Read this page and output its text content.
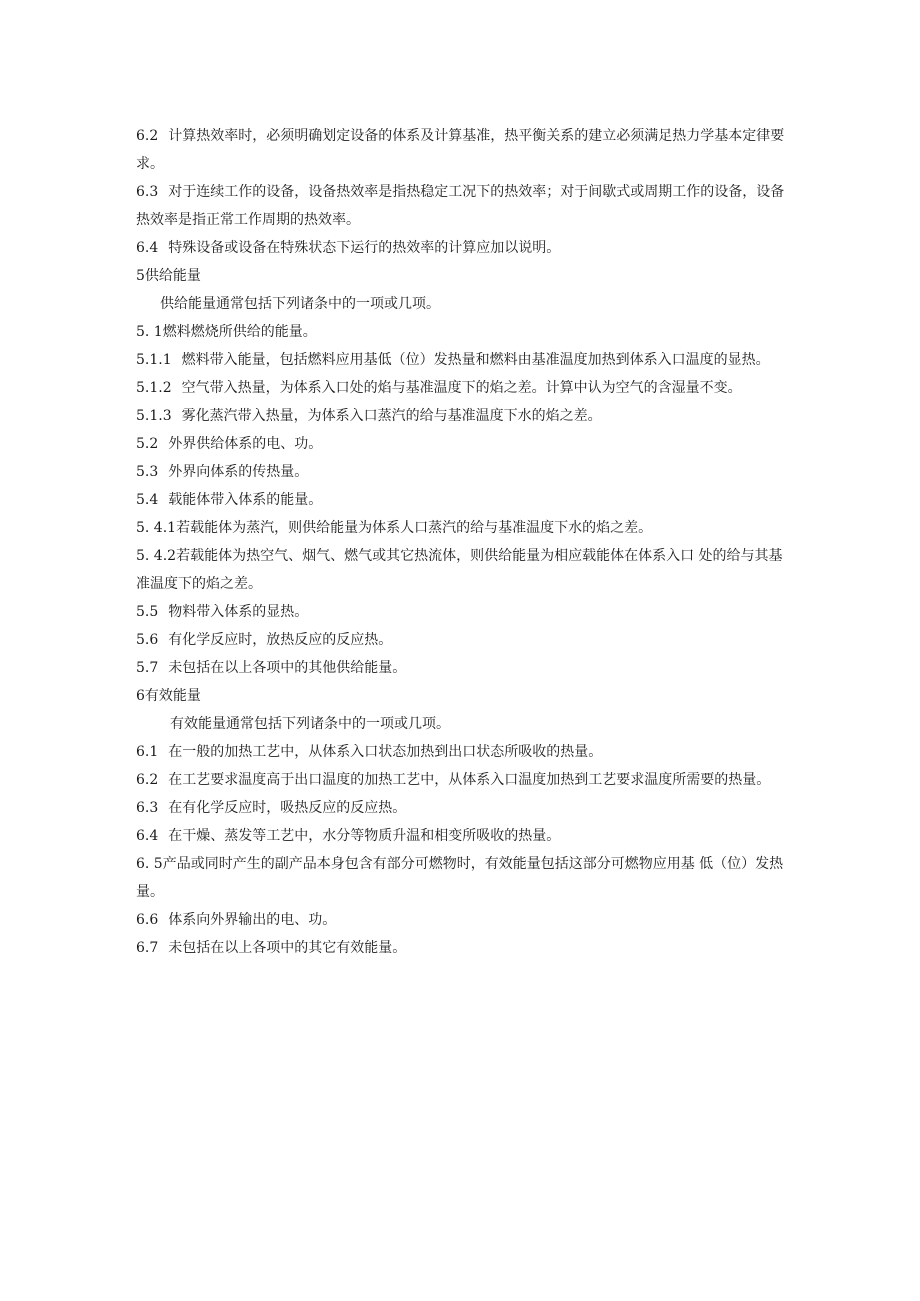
6.2 计算热效率时，必须明确划定设备的体系及计算基准，热平衡关系的建立必须满足热力学基本定律要求。

6.3 对于连续工作的设备，设备热效率是指热稳定工况下的热效率；对于间歇式或周期工作的设备，设备热效率是指正常工作周期的热效率。

6.4 特殊设备或设备在特殊状态下运行的热效率的计算应加以说明。

5供给能量

供给能量通常包括下列诸条中的一项或几项。

5. 1燃料燃烧所供给的能量。

5.1.1 燃料带入能量，包括燃料应用基低（位）发热量和燃料由基准温度加热到体系入口温度的显热。

5.1.2 空气带入热量，为体系入口处的焰与基准温度下的焰之差。计算中认为空气的含湿量不变。

5.1.3 雾化蒸汽带入热量，为体系入口蒸汽的给与基准温度下水的焰之差。

5.2 外界供给体系的电、功。

5.3 外界向体系的传热量。

5.4 载能体带入体系的能量。

5. 4.1若载能体为蒸汽，则供给能量为体系人口蒸汽的给与基准温度下水的焰之差。

5. 4.2若载能体为热空气、烟气、燃气或其它热流体，则供给能量为相应载能体在体系入口 处的给与其基准温度下的焰之差。

5.5 物料带入体系的显热。

5.6 有化学反应时，放热反应的反应热。

5.7 未包括在以上各项中的其他供给能量。

6有效能量

有效能量通常包括下列诸条中的一项或几项。

6.1 在一般的加热工艺中，从体系入口状态加热到出口状态所吸收的热量。

6.2 在工艺要求温度高于出口温度的加热工艺中，从体系入口温度加热到工艺要求温度所需要的热量。

6.3 在有化学反应时，吸热反应的反应热。

6.4 在干燥、蒸发等工艺中，水分等物质升温和相变所吸收的热量。

6. 5产品或同时产生的副产品本身包含有部分可燃物时，有效能量包括这部分可燃物应用基 低（位）发热量。

6.6 体系向外界输出的电、功。

6.7 未包括在以上各项中的其它有效能量。
